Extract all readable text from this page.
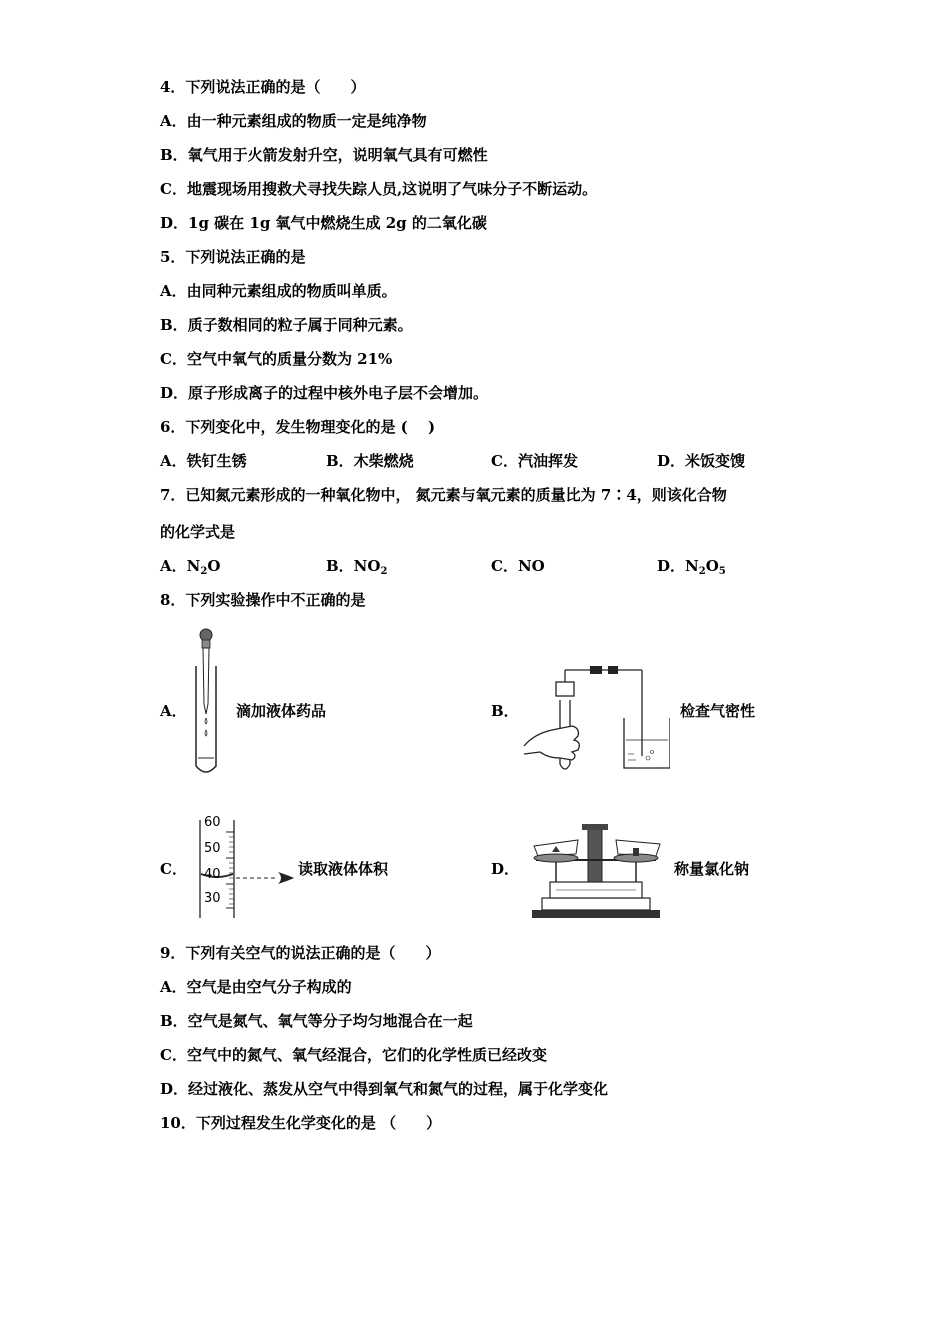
4．下列说法正确的是（　　）
A．由一种元素组成的物质一定是纯净物
B．氧气用于火箭发射升空，说明氧气具有可燃性
C．地震现场用搜救犬寻找失踪人员,这说明了气味分子不断运动。
D．1g 碳在 1g 氧气中燃烧生成 2g 的二氧化碳
5．下列说法正确的是
A．由同种元素组成的物质叫单质。
B．质子数相同的粒子属于同种元素。
C．空气中氧气的质量分数为 21%
D．原子形成离子的过程中核外电子层不会增加。
6．下列变化中，发生物理变化的是 (　 )
A．铁钉生锈	B．木柴燃烧	C．汽油挥发	D．米饭变馊
7．已知氮元素形成的一种氧化物中， 氮元素与氧元素的质量比为 7∶4，则该化合物
的化学式是
A．$N_2O$	B．$NO_2$	C．NO	D．$N_2O_5$
8．下列实验操作中不正确的是
A．	滴加液体药品	B．	检查气密性
C．
60
50
40
30
读取液体体积	D．	称量氯化钠
9．下列有关空气的说法正确的是（　　）
A．空气是由空气分子构成的
B．空气是氮气、氧气等分子均匀地混合在一起
C．空气中的氮气、氧气经混合，它们的化学性质已经改变
D．经过液化、蒸发从空气中得到氧气和氮气的过程，属于化学变化
10．下列过程发生化学变化的是 （　　）
